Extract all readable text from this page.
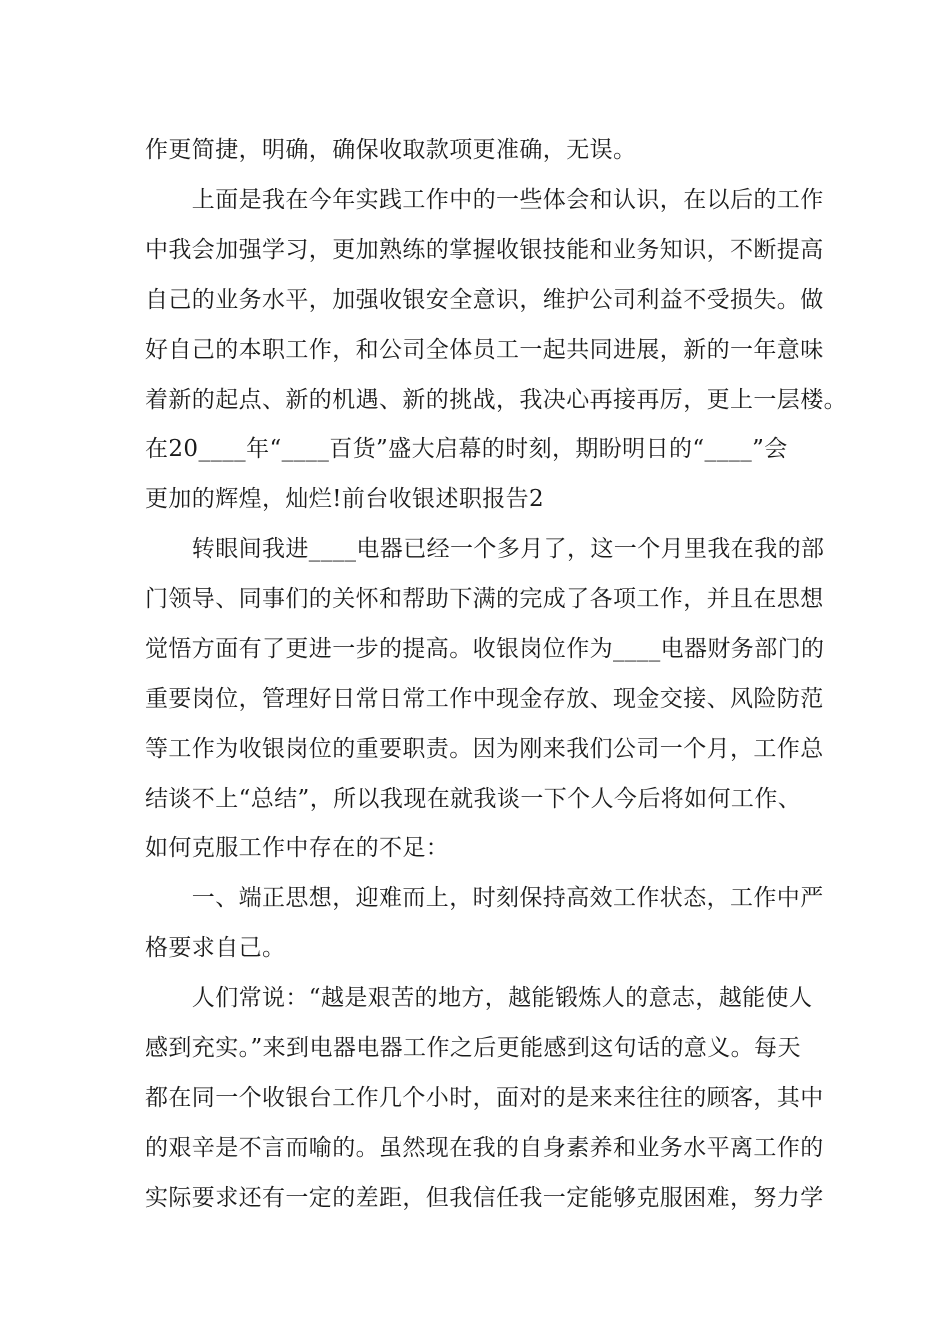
作更简捷，明确，确保收取款项更准确，无误。
　　上面是我在今年实践工作中的一些体会和认识，在以后的工作
中我会加强学习，更加熟练的掌握收银技能和业务知识，不断提高
自己的业务水平，加强收银安全意识，维护公司利益不受损失。做
好自己的本职工作，和公司全体员工一起共同进展，新的一年意味
着新的起点、新的机遇、新的挑战，我决心再接再厉，更上一层楼。
在20____年“____百货”盛大启幕的时刻，期盼明日的“____”会
更加的辉煌，灿烂!前台收银述职报告2
　　转眼间我进____电器已经一个多月了，这一个月里我在我的部
门领导、同事们的关怀和帮助下满的完成了各项工作，并且在思想
觉悟方面有了更进一步的提高。收银岗位作为____电器财务部门的
重要岗位，管理好日常日常工作中现金存放、现金交接、风险防范
等工作为收银岗位的重要职责。因为刚来我们公司一个月，工作总
结谈不上“总结”，所以我现在就我谈一下个人今后将如何工作、
如何克服工作中存在的不足：
　　一、端正思想，迎难而上，时刻保持高效工作状态，工作中严
格要求自己。
　　人们常说：“越是艰苦的地方，越能锻炼人的意志，越能使人
感到充实。”来到电器电器工作之后更能感到这句话的意义。每天
都在同一个收银台工作几个小时，面对的是来来往往的顾客，其中
的艰辛是不言而喻的。虽然现在我的自身素养和业务水平离工作的
实际要求还有一定的差距，但我信任我一定能够克服困难，努力学
